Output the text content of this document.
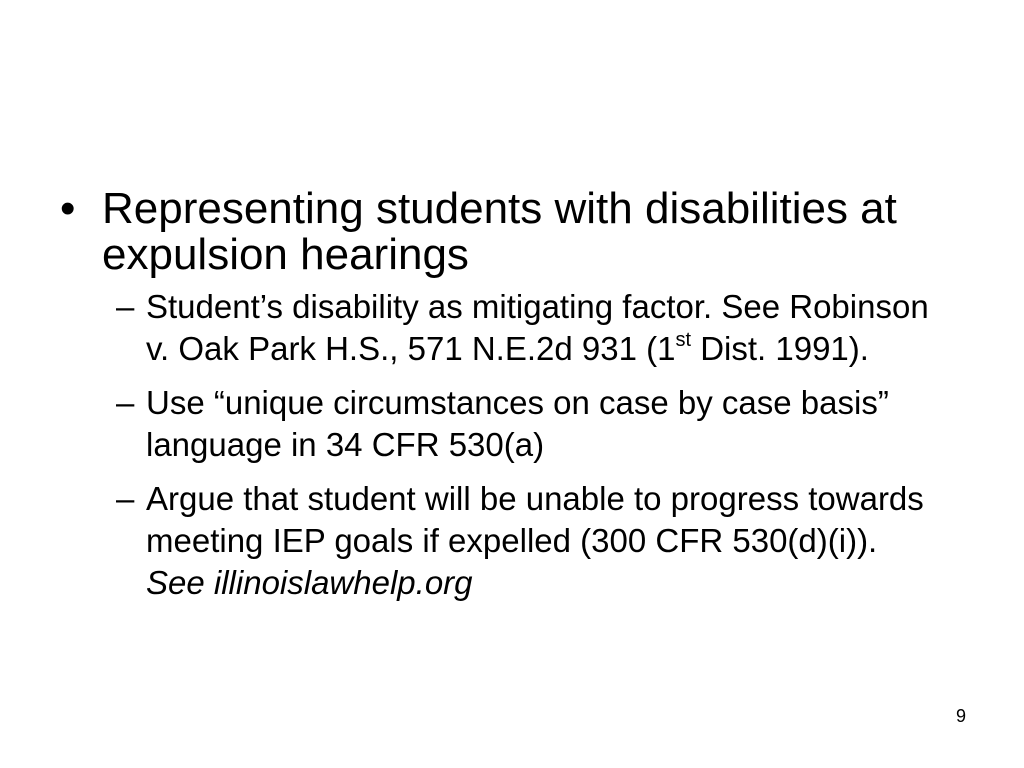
• Representing students with disabilities at expulsion hearings
– Student’s disability as mitigating factor. See Robinson v. Oak Park H.S., 571 N.E.2d 931 (1st Dist. 1991).
– Use “unique circumstances on case by case basis” language in 34 CFR 530(a)
– Argue that student will be unable to progress towards meeting IEP goals if expelled (300 CFR 530(d)(i)).   See illinoislawhelp.org
9
